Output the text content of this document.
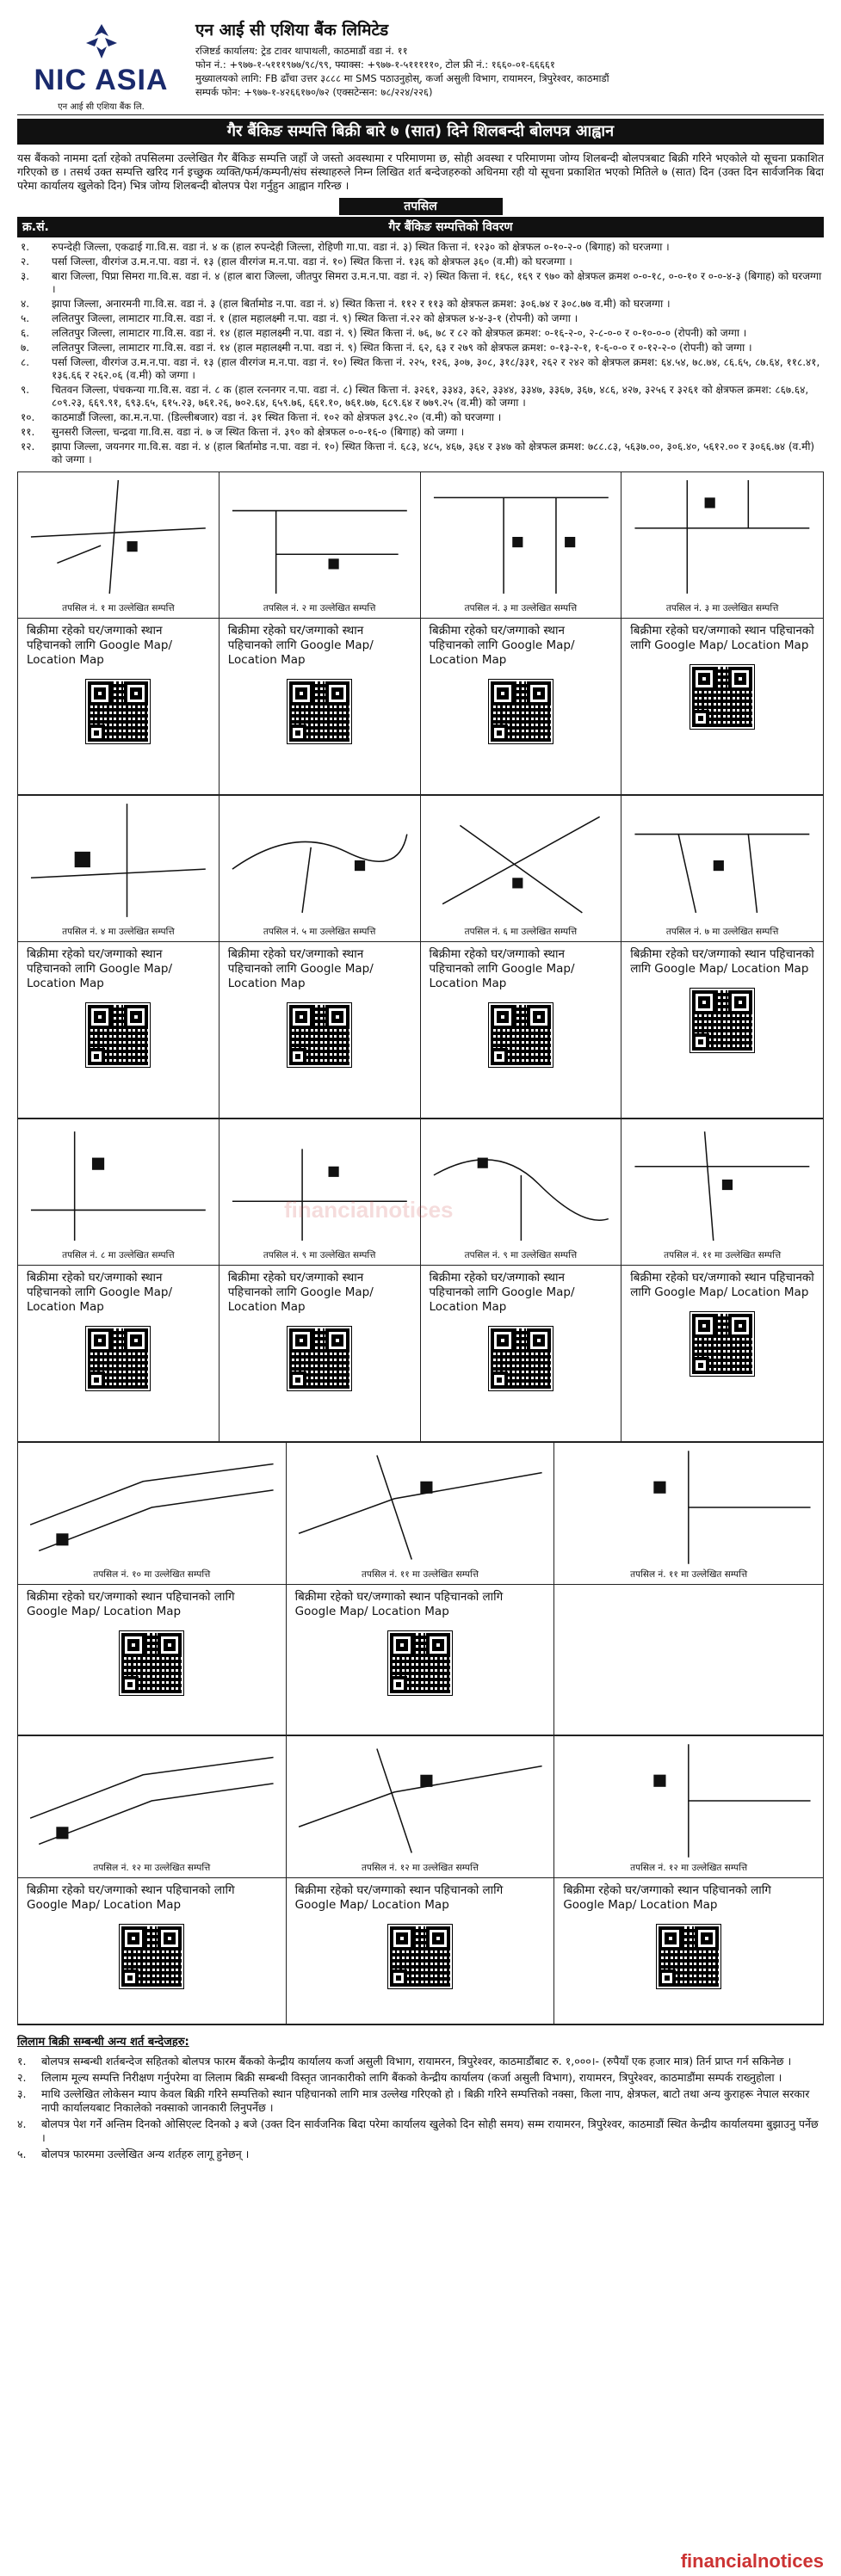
NIC ASIA
एन आई सी एशिया बैंक लि.
एन आई सी एशिया बैंक लिमिटेड
रजिष्टर्ड कार्यालय: ट्रेड टावर थापाथली, काठमाडौं वडा नं. ११
फोन नं.: +९७७-१-५१११९७७/९८/९९, फ्याक्स: +९७७-१-५१११११०, टोल फ्री नं.: १६६०-०१-६६६६१
मुख्यालयको लागि: FB ढाँचा उत्तर ३८८८ मा SMS पठाउनुहोस्, कर्जा असुली विभाग, रायामरन, त्रिपुरेश्वर, काठमाडौं
सम्पर्क फोन: +९७७-१-४२६६१७०/७२ (एक्सटेन्सन: ७८/२२४/२२६)
गैर बैंकिङ सम्पत्ति बिक्री बारे ७ (सात) दिने शिलबन्दी बोलपत्र आह्वान

यस बैंकको नाममा दर्ता रहेको तपसिलमा उल्लेखित गैर बैंकिङ सम्पत्ति जहाँ जे जस्तो अवस्थामा र परिमाणमा छ, सोही अवस्था र परिमाणमा जोग्य शिलबन्दी बोलपत्रबाट बिक्री गरिने भएकोले यो सूचना प्रकाशित गरिएको छ । तसर्थ उक्त सम्पत्ति खरिद गर्न इच्छुक व्यक्ति/फर्म/कम्पनी/संघ संस्थाहरुले निम्न लिखित शर्त बन्देजहरुको अधिनमा रही यो सूचना प्रकाशित भएको मितिले ७ (सात) दिन (उक्त दिन सार्वजनिक बिदा परेमा कार्यालय खुलेको दिन) भित्र जोग्य शिलबन्दी बोलपत्र पेश गर्नुहुन आह्वान गरिन्छ ।

तपसिल
क्र.सं.	गैर बैंकिङ सम्पत्तिको विवरण
१.	रुपन्देही जिल्ला, एकढाई गा.वि.स. वडा नं. ४ क (हाल रुपन्देही जिल्ला, रोहिणी गा.पा. वडा नं. ३) स्थित कित्ता नं. १२३० को क्षेत्रफल ०-१०-२-० (बिगाह) को घरजग्गा ।
२.	पर्सा जिल्ला, वीरगंज उ.म.न.पा. वडा नं. १३ (हाल वीरगंज म.न.पा. वडा नं. १०) स्थित कित्ता नं. १३६ को क्षेत्रफल ३६० (व.मी) को घरजग्गा ।
३.	बारा जिल्ला, पिप्रा सिमरा गा.वि.स. वडा नं. ४ (हाल बारा जिल्ला, जीतपुर सिमरा उ.म.न.पा. वडा नं. २) स्थित कित्ता नं. १६८, १६९ र ९७० को क्षेत्रफल क्रमश ०-०-१८, ०-०-१० र ०-०-४-३ (बिगाह) को घरजग्गा ।
४.	झापा जिल्ला, अनारमनी गा.वि.स. वडा नं. ३ (हाल बिर्तामोड न.पा. वडा नं. ४) स्थित कित्ता नं. ११२ र ११३ को क्षेत्रफल क्रमश: ३०६.७४ र ३०८.७७ व.मी) को घरजग्गा ।
५.	ललितपुर जिल्ला, लामाटार गा.वि.स. वडा नं. १ (हाल महालक्ष्मी न.पा. वडा नं. ९) स्थित कित्ता नं.२२ को क्षेत्रफल ४-४-३-१ (रोपनी) को जग्गा ।
६.	ललितपुर जिल्ला, लामाटार गा.वि.स. वडा नं. १४ (हाल महालक्ष्मी न.पा. वडा नं. ९) स्थित कित्ता नं. ७६, ७८ र ८२ को क्षेत्रफल क्रमश: ०-१६-२-०, २-८-०-० र ०-१०-०-० (रोपनी) को जग्गा ।
७.	ललितपुर जिल्ला, लामाटार गा.वि.स. वडा नं. १४ (हाल महालक्ष्मी न.पा. वडा नं. ९) स्थित कित्ता नं. ६२, ६३ र २७९ को क्षेत्रफल क्रमश: ०-१३-२-१, १-६-०-० र ०-१२-२-० (रोपनी) को जग्गा ।
८.	पर्सा जिल्ला, वीरगंज उ.म.न.पा. वडा नं. १३ (हाल वीरगंज म.न.पा. वडा नं. १०) स्थित कित्ता नं. २२५, १२६, ३०७, ३०८, ३१८/३३१, २६२ र २४२ को क्षेत्रफल क्रमश: ६४.५४, ७८.७४, ८६.६५, ८७.६४, ११८.४१, १३६.६६ र २६२.०६ (व.मी) को जग्गा ।
९.	चितवन जिल्ला, पंचकन्या गा.वि.स. वडा नं. ८ क (हाल रत्ननगर न.पा. वडा नं. ८) स्थित कित्ता नं. ३२६१, ३३४३, ३६२, ३३४४, ३३४७, ३३६७, ३६७, ४८६, ४२७, ३२५६ र ३२६१ को क्षेत्रफल क्रमश: ८६७.६४, ८०९.२३, ६६९.९१, ६९३.६५, ६१५.२३, ७६१.२६, ७०२.६४, ६५९.७६, ६६१.१०, ७६१.७७, ६८९.६४ र ७७९.२५ (व.मी) को जग्गा ।
१०.	काठमाडौं जिल्ला, का.म.न.पा. (डिल्लीबजार) वडा नं. ३१ स्थित कित्ता नं. १०२ को क्षेत्रफल ३९८.२० (व.मी) को घरजग्गा ।
११.	सुनसरी जिल्ला, चन्द्रवा गा.वि.स. वडा नं. ७ ज स्थित कित्ता नं. ३९० को क्षेत्रफल ०-०-१६-० (बिगाह) को जग्गा ।
१२.	झापा जिल्ला, जयनगर गा.वि.स. वडा नं. ४ (हाल बिर्तामोड न.पा. वडा नं. १०) स्थित कित्ता नं. ६८३, ४८५, ४६७, ३६४ र ३४७ को क्षेत्रफल क्रमश: ७८८.८३, ५६३७.००, ३०६.४०, ५६१२.०० र ३०६६.७४ (व.मी) को जग्गा ।
तपसिल नं. १ मा उल्लेखित सम्पत्ति	तपसिल नं. २ मा उल्लेखित सम्पत्ति	तपसिल नं. ३ मा उल्लेखित सम्पत्ति	तपसिल नं. ३ मा उल्लेखित सम्पत्ति
बिक्रीमा रहेको घर/जग्गाको स्थान पहिचानको लागि Google Map/ Location Map
बिक्रीमा रहेको घर/जग्गाको स्थान पहिचानको लागि Google Map/ Location Map
बिक्रीमा रहेको घर/जग्गाको स्थान पहिचानको लागि Google Map/ Location Map
बिक्रीमा रहेको घर/जग्गाको स्थान पहिचानको लागि Google Map/ Location Map
तपसिल नं. ४ मा उल्लेखित सम्पत्ति	तपसिल नं. ५ मा उल्लेखित सम्पत्ति	तपसिल नं. ६ मा उल्लेखित सम्पत्ति	तपसिल नं. ७ मा उल्लेखित सम्पत्ति
बिक्रीमा रहेको घर/जग्गाको स्थान पहिचानको लागि Google Map/ Location Map
बिक्रीमा रहेको घर/जग्गाको स्थान पहिचानको लागि Google Map/ Location Map
बिक्रीमा रहेको घर/जग्गाको स्थान पहिचानको लागि Google Map/ Location Map
बिक्रीमा रहेको घर/जग्गाको स्थान पहिचानको लागि Google Map/ Location Map
तपसिल नं. ८ मा उल्लेखित सम्पत्ति	तपसिल नं. ९ मा उल्लेखित सम्पत्ति	तपसिल नं. ९ मा उल्लेखित सम्पत्ति	तपसिल नं. ११ मा उल्लेखित सम्पत्ति
बिक्रीमा रहेको घर/जग्गाको स्थान पहिचानको लागि Google Map/ Location Map
बिक्रीमा रहेको घर/जग्गाको स्थान पहिचानको लागि Google Map/ Location Map
बिक्रीमा रहेको घर/जग्गाको स्थान पहिचानको लागि Google Map/ Location Map
बिक्रीमा रहेको घर/जग्गाको स्थान पहिचानको लागि Google Map/ Location Map
तपसिल नं. १० मा उल्लेखित सम्पत्ति	तपसिल नं. ११ मा उल्लेखित सम्पत्ति	तपसिल नं. ११ मा उल्लेखित सम्पत्ति
बिक्रीमा रहेको घर/जग्गाको स्थान पहिचानको लागि Google Map/ Location Map
बिक्रीमा रहेको घर/जग्गाको स्थान पहिचानको लागि Google Map/ Location Map
तपसिल नं. १२ मा उल्लेखित सम्पत्ति	तपसिल नं. १२ मा उल्लेखित सम्पत्ति	तपसिल नं. १२ मा उल्लेखित सम्पत्ति
बिक्रीमा रहेको घर/जग्गाको स्थान पहिचानको लागि Google Map/ Location Map
बिक्रीमा रहेको घर/जग्गाको स्थान पहिचानको लागि Google Map/ Location Map
बिक्रीमा रहेको घर/जग्गाको स्थान पहिचानको लागि Google Map/ Location Map
लिलाम बिक्री सम्बन्धी अन्य शर्त बन्देजहरु:
१.	बोलपत्र सम्बन्धी शर्तबन्देज सहितको बोलपत्र फारम बैंकको केन्द्रीय कार्यालय कर्जा असुली विभाग, रायामरन, त्रिपुरेश्वर, काठमाडौंबाट रु. १,०००।- (रुपैयाँ एक हजार मात्र) तिर्न प्राप्त गर्न सकिनेछ ।
२.	लिलाम मूल्य सम्पत्ति निरीक्षण गर्नुपरेमा वा लिलाम बिक्री सम्बन्धी विस्तृत जानकारीको लागि बैंकको केन्द्रीय कार्यालय (कर्जा असुली विभाग), रायामरन, त्रिपुरेश्वर, काठमाडौंमा सम्पर्क राख्नुहोला ।
३.	माथि उल्लेखित लोकेसन म्याप केवल बिक्री गरिने सम्पत्तिको स्थान पहिचानको लागि मात्र उल्लेख गरिएको हो । बिक्री गरिने सम्पत्तिको नक्सा, किला नाप, क्षेत्रफल, बाटो तथा अन्य कुराहरू नेपाल सरकार नापी कार्यालयबाट निकालेको नक्साको जानकारी लिनुपर्नेछ ।
४.	बोलपत्र पेश गर्ने अन्तिम दिनको ओसिएल्ट दिनको ३ बजे (उक्त दिन सार्वजनिक बिदा परेमा कार्यालय खुलेको दिन सोही समय) सम्म रायामरन, त्रिपुरेश्वर, काठमाडौं स्थित केन्द्रीय कार्यालयमा बुझाउनु पर्नेछ ।
५.	बोलपत्र फारममा उल्लेखित अन्य शर्तहरु लागू हुनेछन् ।
financialnotices
financialnotices
